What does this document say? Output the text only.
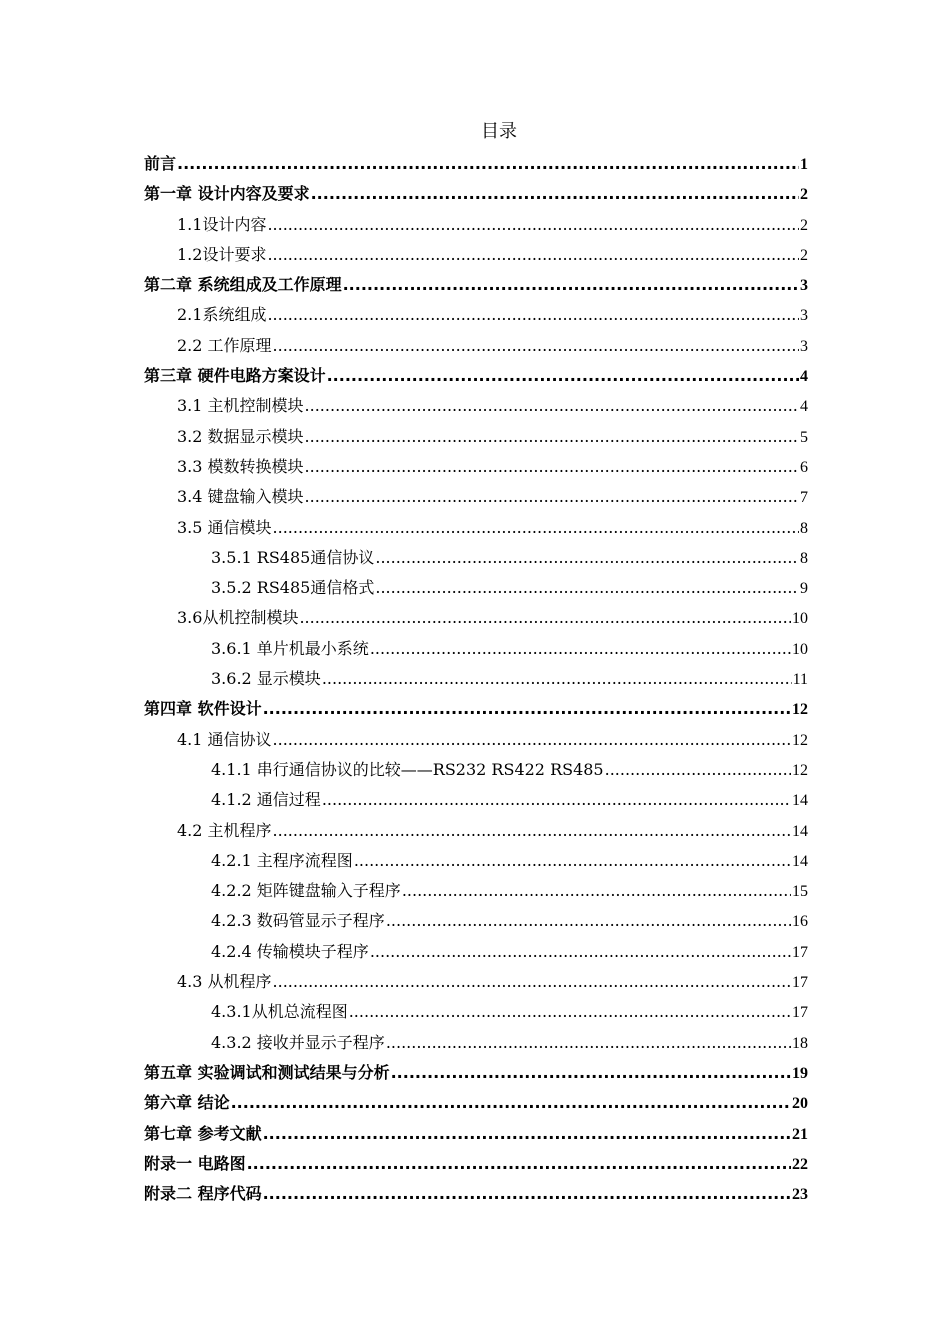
目录
前言 .....	1
第一章 设计内容及要求 .....	2
1.1设计内容 .....	2
1.2设计要求 .....	2
第二章 系统组成及工作原理 .....	3
2.1系统组成 .....	3
2.2 工作原理 .....	3
第三章 硬件电路方案设计 .....	4
3.1 主机控制模块 .....	4
3.2 数据显示模块 .....	5
3.3 模数转换模块 .....	6
3.4 键盘输入模块 .....	7
3.5 通信模块 .....	8
3.5.1 RS485通信协议 .....	8
3.5.2 RS485通信格式 .....	9
3.6从机控制模块 .....	10
3.6.1 单片机最小系统 .....	10
3.6.2 显示模块 .....	11
第四章 软件设计 .....	12
4.1 通信协议 .....	12
4.1.1 串行通信协议的比较——RS232 RS422 RS485 .....	12
4.1.2 通信过程 .....	14
4.2 主机程序 .....	14
4.2.1 主程序流程图 .....	14
4.2.2 矩阵键盘输入子程序 .....	15
4.2.3 数码管显示子程序 .....	16
4.2.4 传输模块子程序 .....	17
4.3 从机程序 .....	17
4.3.1从机总流程图 .....	17
4.3.2 接收并显示子程序 .....	18
第五章 实验调试和测试结果与分析 .....	19
第六章 结论 .....	20
第七章 参考文献 .....	21
附录一 电路图 .....	22
附录二 程序代码 .....	23
